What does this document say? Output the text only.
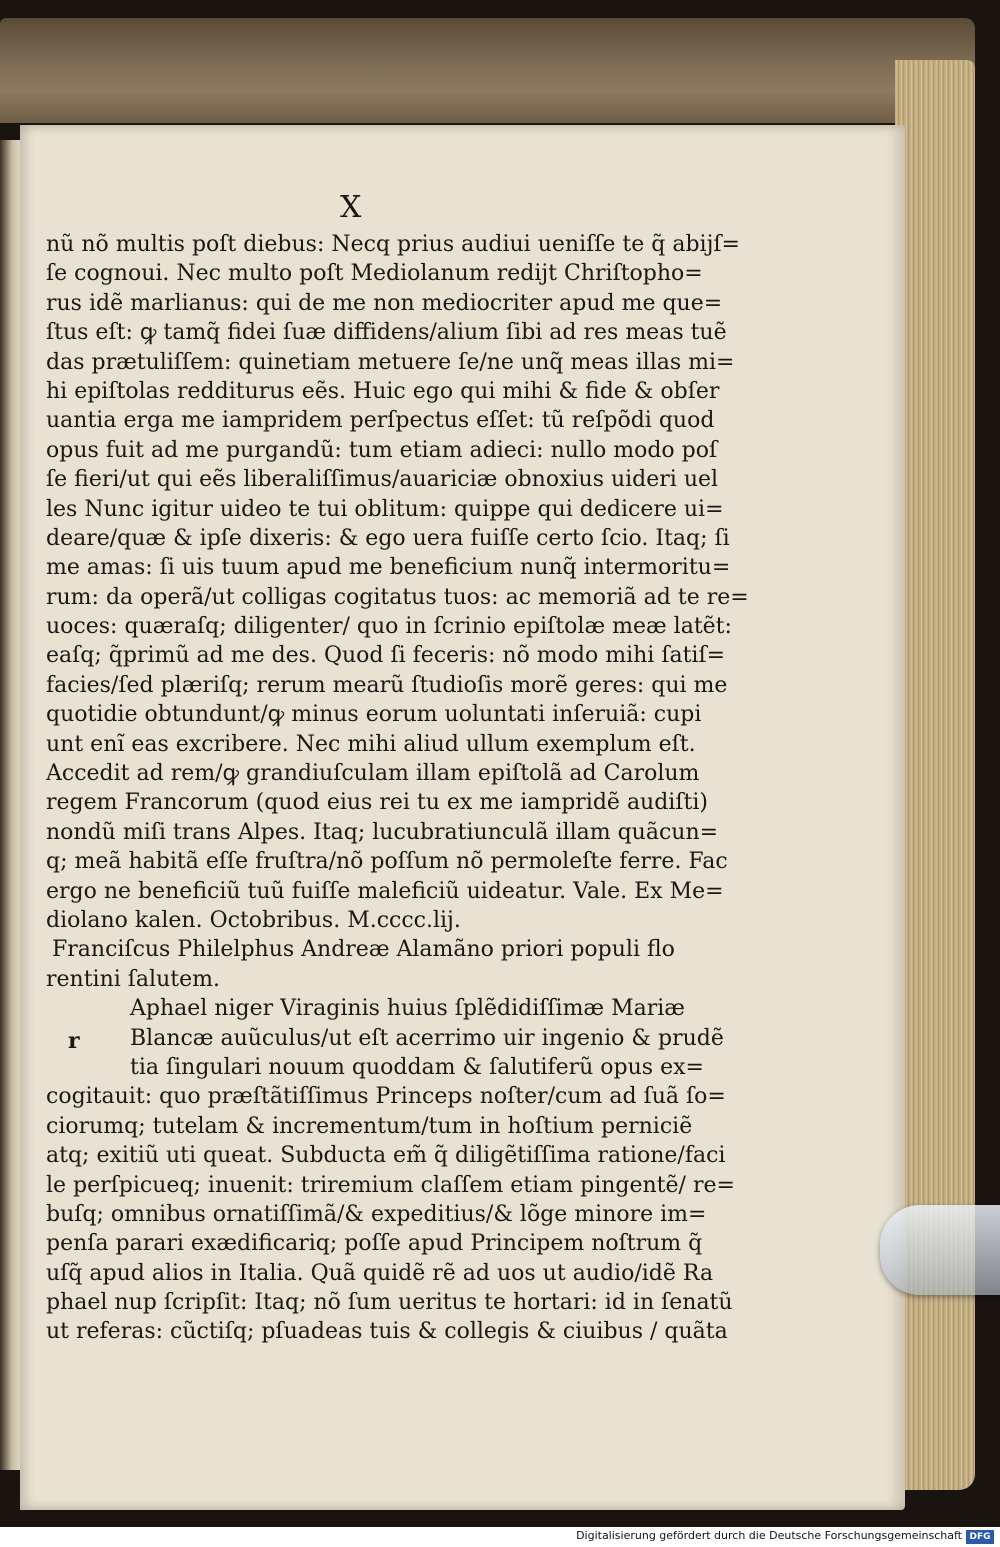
X
nũ nõ multis poſt diebus: Necq prius audiui ueniſſe te q̃ abijſ=
ſe cognoui. Nec multo poſt Mediolanum redijt Chriſtopho=
rus idẽ marlianus: qui de me non mediocriter apud me que=
ſtus eſt: ꝙ tamq̃ fidei ſuæ diffidens/alium ſibi ad res meas tuẽ
das prætuliſſem: quinetiam metuere ſe/ne unq̃ meas illas mi=
hi epiſtolas redditurus eẽs. Huic ego qui mihi & fide & obſer
uantia erga me iampridem perſpectus eſſet: tũ reſpõdi quod
opus fuit ad me purgandũ: tum etiam adieci: nullo modo poſ
ſe fieri/ut qui eẽs liberaliſſimus/auariciæ obnoxius uideri uel
les Nunc igitur uideo te tui oblitum: quippe qui dedicere ui=
deare/quæ & ipſe dixeris: & ego uera fuiſſe certo ſcio. Itaq; ſi
me amas: ſi uis tuum apud me beneficium nunq̃ intermoritu=
rum: da operã/ut colligas cogitatus tuos: ac memoriã ad te re=
uoces: quæraſq; diligenter/ quo in ſcrinio epiſtolæ meæ latẽt:
eaſq; q̃primũ ad me des. Quod ſi feceris: nõ modo mihi ſatiſ=
facies/ſed plæriſq; rerum mearũ ſtudioſis morẽ geres: qui me
quotidie obtundunt/ꝙ minus eorum uoluntati inſeruiã: cupi
unt enĩ eas excribere. Nec mihi aliud ullum exemplum eſt.
Accedit ad rem/ꝙ grandiuſculam illam epiſtolã ad Carolum
regem Francorum (quod eius rei tu ex me iampridẽ audiſti)
nondũ miſi trans Alpes. Itaq; lucubratiunculã illam quãcun=
q; meã habitã eſſe fruſtra/nõ poſſum nõ permoleſte ferre. Fac
ergo ne beneficiũ tuũ fuiſſe maleficiũ uideatur. Vale. Ex Me=
diolano kalen. Octobribus. M.cccc.lij.
Franciſcus Philelphus Andreæ Alamãno priori populi flo
rentini ſalutem.
Aphael niger Viraginis huius ſplẽdidiſſimæ Mariæ
Blancæ auũculus/ut eſt acerrimo uir ingenio & prudẽ
tia ſingulari nouum quoddam & ſalutiferũ opus ex=
cogitauit: quo præſtãtiſſimus Princeps noſter/cum ad ſuã ſo=
ciorumq; tutelam & incrementum/tum in hoſtium perniciẽ
atq; exitiũ uti queat. Subducta em̃ q̃ diligẽtiſſima ratione/faci
le perſpicueq; inuenit: triremium claſſem etiam pingentẽ/ re=
buſq; omnibus ornatiſſimã/& expeditius/& lõge minore im=
penſa parari exædificariq; poſſe apud Principem noſtrum q̃
uſq̃ apud alios in Italia. Quã quidẽ rẽ ad uos ut audio/idẽ Ra
phael nup ſcripſit: Itaq; nõ ſum ueritus te hortari: id in ſenatũ
ut referas: cũctiſq; pſuadeas tuis & collegis & ciuibus / quãta
r
Digitalisierung gefördert durch die Deutsche Forschungsgemeinschaft DFG
